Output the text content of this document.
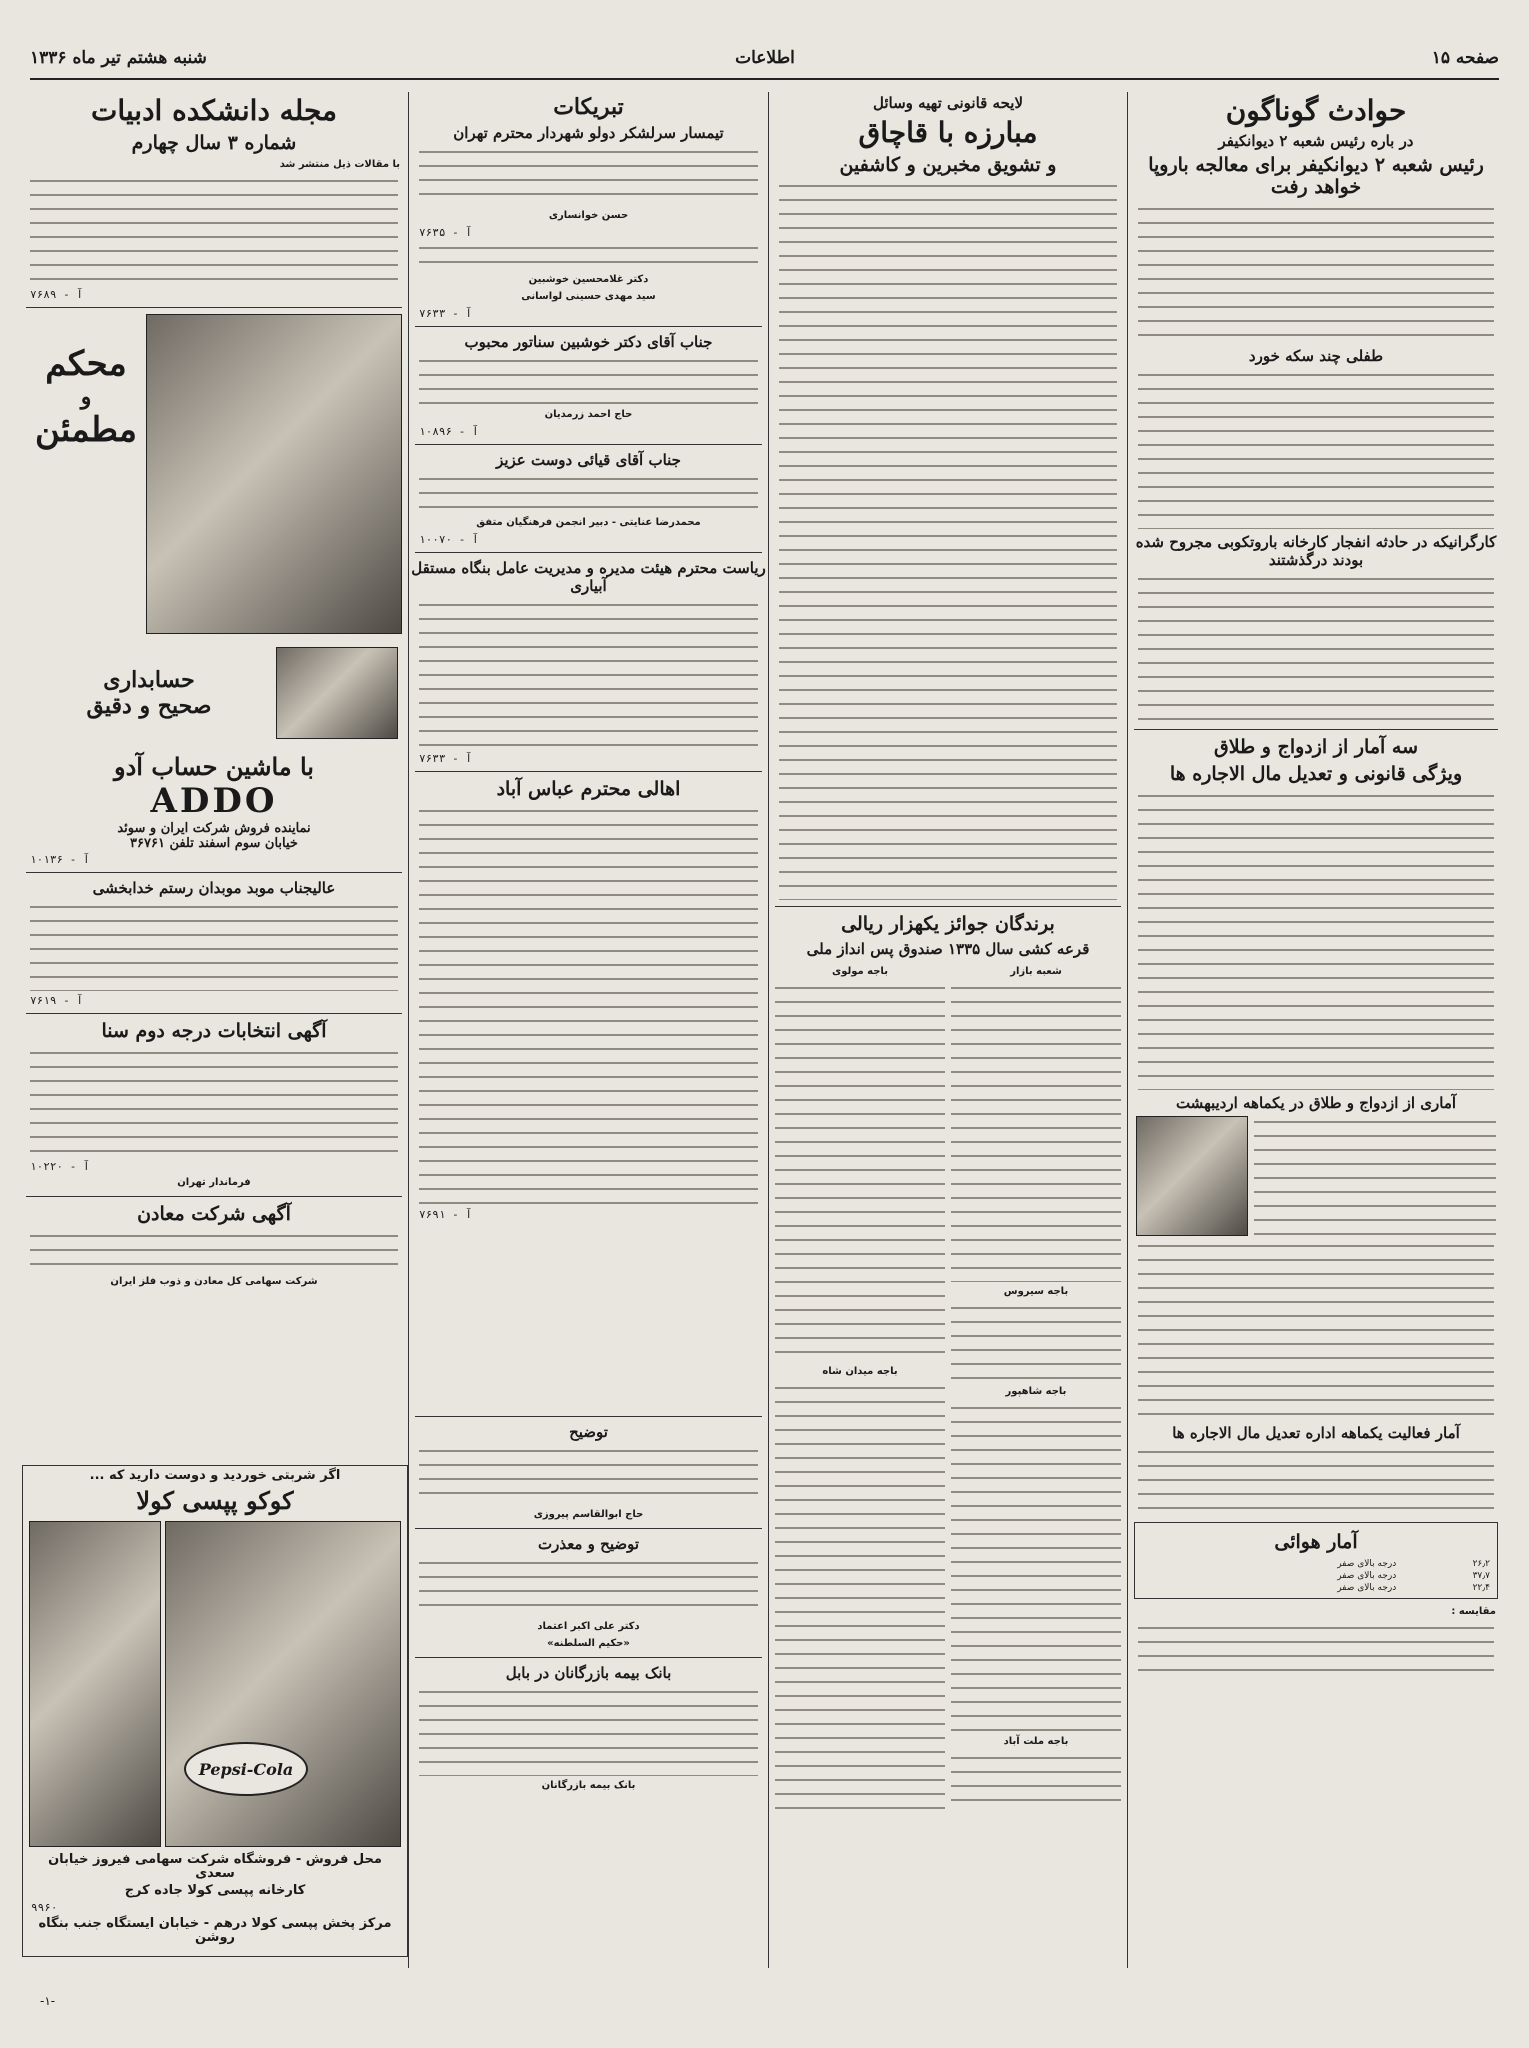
صفحه ۱۵
اطلاعات
شنبه هشتم تیر ماه ۱۳۳۶
حوادث گوناگون
در باره رئیس شعبه ۲ دیوانکیفر
رئیس شعبه ۲ دیوانکیفر برای معالجه باروپا خواهد رفت
طفلی چند سکه خورد
کارگرانیکه در حادثه انفجار کارخانه باروتکوبی مجروح شده بودند درگذشتند
سه آمار از ازدواج و طلاق
ویژگی قانونی و تعدیل مال الاجاره ها
آماری از ازدواج و طلاق در یکماهه اردیبهشت
آمار فعالیت یکماهه اداره تعدیل مال الاجاره ها
آمار هوائی
۲۶٫۲	درجه بالای صفر
۳۷٫۷	درجه بالای صفر
۲۲٫۴	درجه بالای صفر
مقایسه :
لایحه قانونی تهیه وسائل
مبارزه با قاچاق
و تشویق مخبرین و کاشفین
برندگان جوائز یکهزار ریالی
قرعه کشی سال ۱۳۳۵ صندوق پس انداز ملی
شعبه بازار
باجه سیروس
باجه شاهپور
باجه ملت آباد
باجه مولوی
باجه میدان شاه
تبریکات
تیمسار سرلشکر دولو شهردار محترم تهران
حسن خوانساری
آ - ۷۶۳۵
دکتر غلامحسین خوشبین
سید مهدی حسینی لواسانی
آ - ۷۶۳۳
جناب آقای دکتر خوشبین سناتور محبوب
حاج احمد زرمدیان
آ - ۱۰۸۹۶
جناب آقای قیائی دوست عزیز
محمدرضا عنایتی - دبیر انجمن فرهنگیان متفق
آ - ۱۰۰۷۰
ریاست محترم هیئت مدیره و مدیریت عامل بنگاه مستقل آبیاری
آ - ۷۶۳۳
اهالی محترم عباس آباد
آ - ۷۶۹۱
توضیح
حاج ابوالقاسم پیروزی
توضیح و معذرت
دکتر علی اکبر اعتماد
«حکیم السلطنه»
بانک بیمه بازرگانان در بابل
بانک بیمه بازرگانان
مجله دانشکده ادبیات
شماره ۳ سال چهارم
با مقالات ذیل منتشر شد
آ - ۷۶۸۹
محکم
و
مطمئن
حسابداری
صحیح و دقیق
با ماشین حساب آدو
ADDO
نماینده فروش شرکت ایران و سوئد
خیابان سوم اسفند تلفن ۳۶۷۶۱
آ - ۱۰۱۳۶
عالیجناب موبد موبدان رستم خدابخشی
آ - ۷۶۱۹
آگهی انتخابات درجه دوم سنا
آ - ۱۰۲۲۰
فرماندار تهران
آگهی شرکت معادن
شرکت سهامی کل معادن و ذوب فلز ایران
اگر شربتی خوردید و دوست دارید که ...
کوکو پپسی کولا
Pepsi-Cola
محل فروش - فروشگاه شرکت سهامی فیروز خیابان سعدی
کارخانه پپسی کولا جاده کرج
۹۹۶۰
مرکز پخش پپسی کولا درهم - خیابان ایستگاه جنب بنگاه روشن
-۱-
